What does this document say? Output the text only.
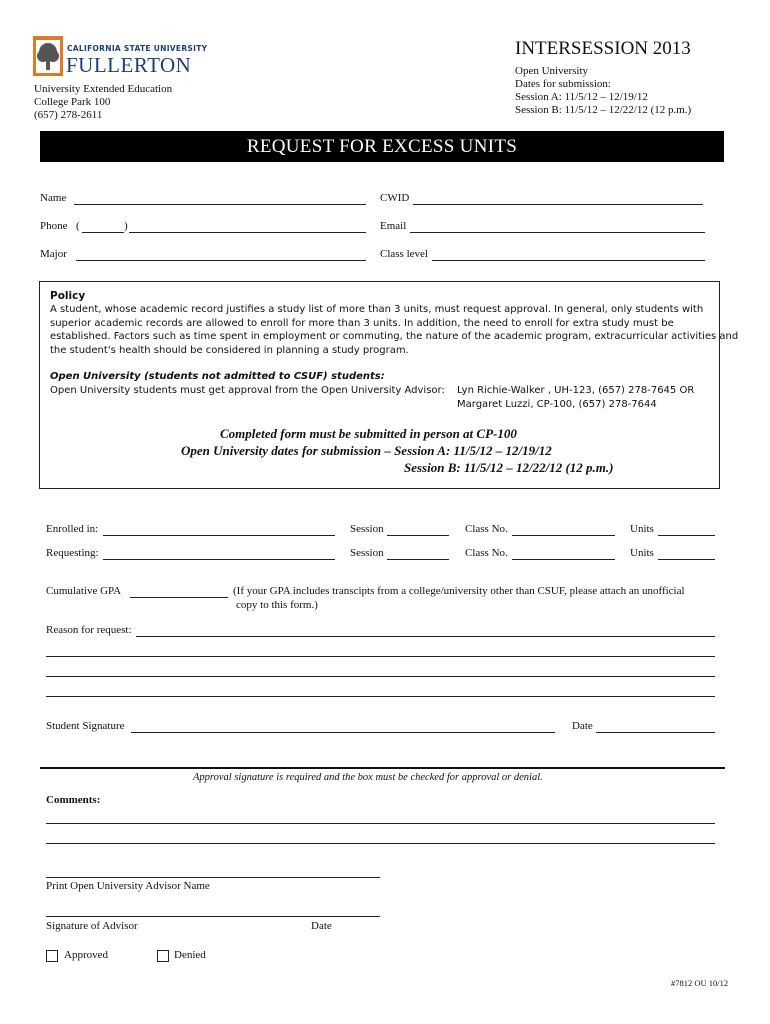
CALIFORNIA STATE UNIVERSITY
FULLERTON
University Extended Education
College Park 100
(657) 278-2611
INTERSESSION 2013
Open University
Dates for submission:
Session A: 11/5/12 – 12/19/12
Session B: 11/5/12 – 12/22/12 (12 p.m.)
REQUEST FOR EXCESS UNITS
Name	CWID
Phone (	)	Email
Major	Class level
Policy
A student, whose academic record justifies a study list of more than 3 units, must request approval. In general, only students with
superior academic records are allowed to enroll for more than 3 units. In addition, the need to enroll for extra study must be
established. Factors such as time spent in employment or commuting, the nature of the academic program, extracurricular activities and
the student's health should be considered in planning a study program.
Open University (students not admitted to CSUF) students:
Open University students must get approval from the Open University Advisor: Lyn Richie-Walker , UH-123, (657) 278-7645 OR
Margaret Luzzi, CP-100, (657) 278-7644
Completed form must be submitted in person at CP-100
Open University dates for submission – Session A: 11/5/12 – 12/19/12
Session B: 11/5/12 – 12/22/12 (12 p.m.)
Enrolled in:	Session	Class No.	Units
Requesting:	Session	Class No.	Units
Cumulative GPA	(If your GPA includes transcipts from a college/university other than CSUF, please attach an unofficial
copy to this form.)
Reason for request:
Student Signature	Date
Approval signature is required and the box must be checked for approval or denial.
Comments:
Print Open University Advisor Name
Signature of Advisor	Date
Approved	Denied
#7812 OU 10/12
